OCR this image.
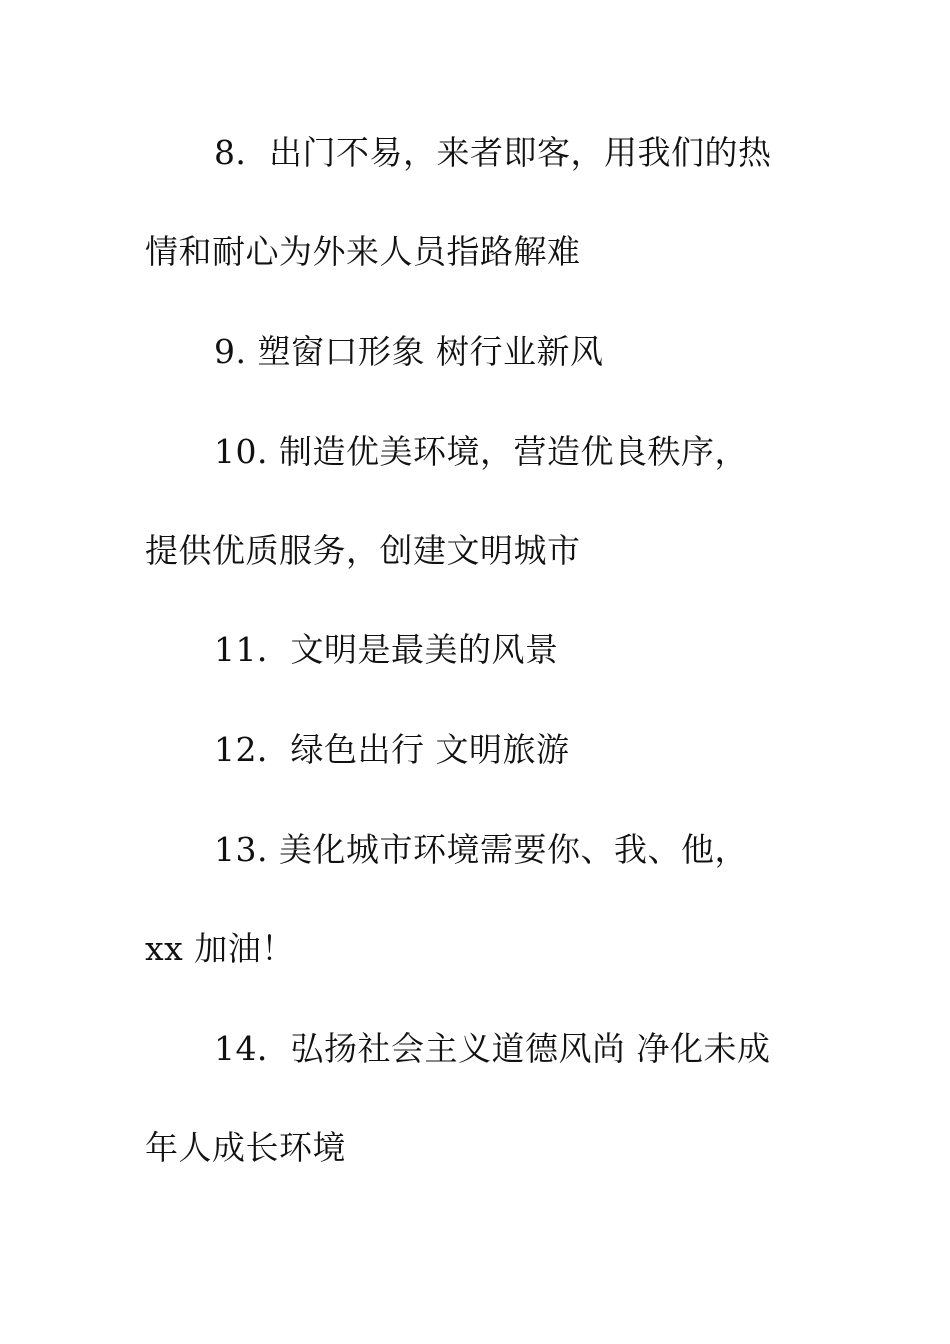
8．出门不易，来者即客，用我们的热
情和耐心为外来人员指路解难
9. 塑窗口形象 树行业新风
10. 制造优美环境，营造优良秩序，
提供优质服务，创建文明城市
11．文明是最美的风景
12．绿色出行 文明旅游
13. 美化城市环境需要你、我、他，
xx 加油！
14．弘扬社会主义道德风尚 净化未成
年人成长环境
